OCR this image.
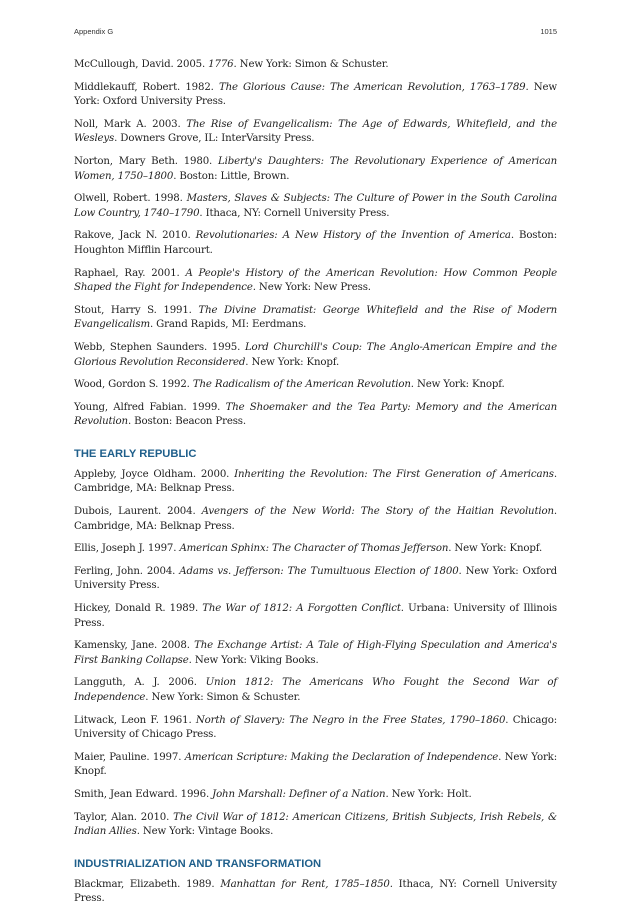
Appendix G	1015

McCullough, David. 2005. 1776. New York: Simon & Schuster.

Middlekauff, Robert. 1982. The Glorious Cause: The American Revolution, 1763–1789. New York: Oxford University Press.

Noll, Mark A. 2003. The Rise of Evangelicalism: The Age of Edwards, Whitefield, and the Wesleys. Downers Grove, IL: InterVarsity Press.

Norton, Mary Beth. 1980. Liberty's Daughters: The Revolutionary Experience of American Women, 1750–1800. Boston: Little, Brown.

Olwell, Robert. 1998. Masters, Slaves & Subjects: The Culture of Power in the South Carolina Low Country, 1740–1790. Ithaca, NY: Cornell University Press.

Rakove, Jack N. 2010. Revolutionaries: A New History of the Invention of America. Boston: Houghton Mifflin Harcourt.

Raphael, Ray. 2001. A People's History of the American Revolution: How Common People Shaped the Fight for Independence. New York: New Press.

Stout, Harry S. 1991. The Divine Dramatist: George Whitefield and the Rise of Modern Evangelicalism. Grand Rapids, MI: Eerdmans.

Webb, Stephen Saunders. 1995. Lord Churchill's Coup: The Anglo-American Empire and the Glorious Revolution Reconsidered. New York: Knopf.

Wood, Gordon S. 1992. The Radicalism of the American Revolution. New York: Knopf.

Young, Alfred Fabian. 1999. The Shoemaker and the Tea Party: Memory and the American Revolution. Boston: Beacon Press.

THE EARLY REPUBLIC

Appleby, Joyce Oldham. 2000. Inheriting the Revolution: The First Generation of Americans. Cambridge, MA: Belknap Press.

Dubois, Laurent. 2004. Avengers of the New World: The Story of the Haitian Revolution. Cambridge, MA: Belknap Press.

Ellis, Joseph J. 1997. American Sphinx: The Character of Thomas Jefferson. New York: Knopf.

Ferling, John. 2004. Adams vs. Jefferson: The Tumultuous Election of 1800. New York: Oxford University Press.

Hickey, Donald R. 1989. The War of 1812: A Forgotten Conflict. Urbana: University of Illinois Press.

Kamensky, Jane. 2008. The Exchange Artist: A Tale of High-Flying Speculation and America's First Banking Collapse. New York: Viking Books.

Langguth, A. J. 2006. Union 1812: The Americans Who Fought the Second War of Independence. New York: Simon & Schuster.

Litwack, Leon F. 1961. North of Slavery: The Negro in the Free States, 1790–1860. Chicago: University of Chicago Press.

Maier, Pauline. 1997. American Scripture: Making the Declaration of Independence. New York: Knopf.

Smith, Jean Edward. 1996. John Marshall: Definer of a Nation. New York: Holt.

Taylor, Alan. 2010. The Civil War of 1812: American Citizens, British Subjects, Irish Rebels, & Indian Allies. New York: Vintage Books.

INDUSTRIALIZATION AND TRANSFORMATION

Blackmar, Elizabeth. 1989. Manhattan for Rent, 1785–1850. Ithaca, NY: Cornell University Press.
